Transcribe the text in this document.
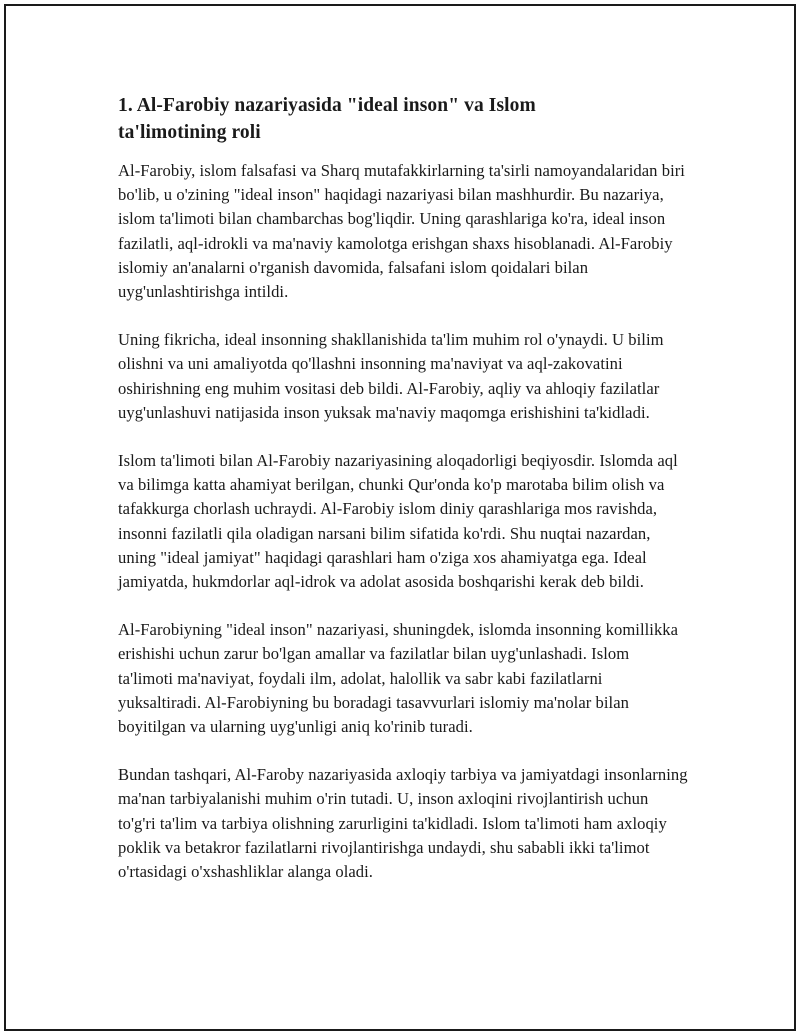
1. Al-Farobiy nazariyasida "ideal inson" va Islom
ta'limotining roli

Al-Farobiy, islom falsafasi va Sharq mutafakkirlarning ta'sirli namoyandalaridan biri bo'lib, u o'zining "ideal inson" haqidagi nazariyasi bilan mashhurdir. Bu nazariya, islom ta'limoti bilan chambarchas bog'liqdir. Uning qarashlariga ko'ra, ideal inson fazilatli, aql-idrokli va ma'naviy kamolotga erishgan shaxs hisoblanadi. Al-Farobiy islomiy an'analarni o'rganish davomida, falsafani islom qoidalari bilan uyg'unlashtirishga intildi.

Uning fikricha, ideal insonning shakllanishida ta'lim muhim rol o'ynaydi. U bilim olishni va uni amaliyotda qo'llashni insonning ma'naviyat va aql-zakovatini oshirishning eng muhim vositasi deb bildi. Al-Farobiy, aqliy va ahloqiy fazilatlar uyg'unlashuvi natijasida inson yuksak ma'naviy maqomga erishishini ta'kidladi.

Islom ta'limoti bilan Al-Farobiy nazariyasining aloqadorligi beqiyosdir. Islomda aql va bilimga katta ahamiyat berilgan, chunki Qur'onda ko'p marotaba bilim olish va tafakkurga chorlash uchraydi. Al-Farobiy islom diniy qarashlariga mos ravishda, insonni fazilatli qila oladigan narsani bilim sifatida ko'rdi. Shu nuqtai nazardan, uning "ideal jamiyat" haqidagi qarashlari ham o'ziga xos ahamiyatga ega. Ideal jamiyatda, hukmdorlar aql-idrok va adolat asosida boshqarishi kerak deb bildi.

Al-Farobiyning "ideal inson" nazariyasi, shuningdek, islomda insonning komillikka erishishi uchun zarur bo'lgan amallar va fazilatlar bilan uyg'unlashadi. Islom ta'limoti ma'naviyat, foydali ilm, adolat, halollik va sabr kabi fazilatlarni yuksaltiradi. Al-Farobiyning bu boradagi tasavvurlari islomiy ma'nolar bilan boyitilgan va ularning uyg'unligi aniq ko'rinib turadi.

Bundan tashqari, Al-Faroby nazariyasida axloqiy tarbiya va jamiyatdagi insonlarning ma'nan tarbiyalanishi muhim o'rin tutadi. U, inson axloqini rivojlantirish uchun to'g'ri ta'lim va tarbiya olishning zarurligini ta'kidladi. Islom ta'limoti ham axloqiy poklik va betakror fazilatlarni rivojlantirishga undaydi, shu sababli ikki ta'limot o'rtasidagi o'xshashliklar alanga oladi.
